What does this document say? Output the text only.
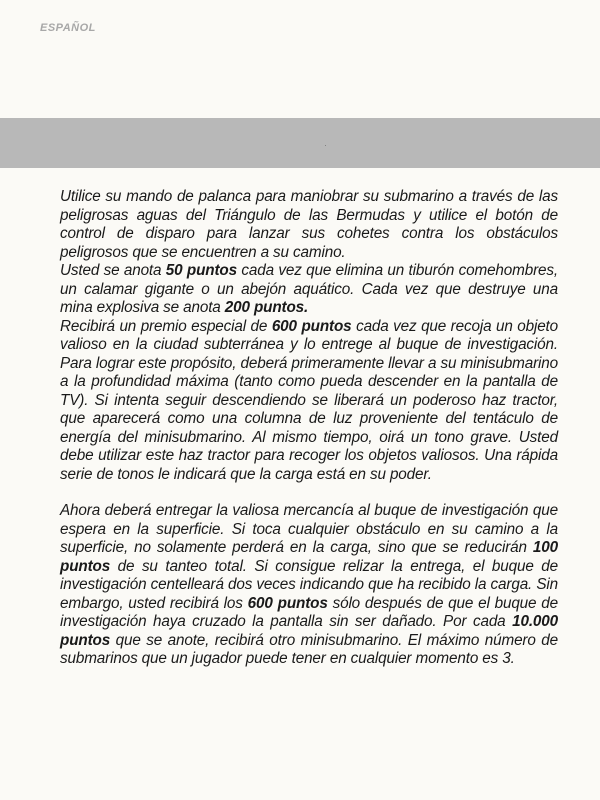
ESPAÑOL
·

Utilice su mando de palanca para maniobrar su submarino a través de las peligrosas aguas del Triángulo de las Bermudas y utilice el botón de control de disparo para lanzar sus cohetes contra los obstáculos peligrosos que se encuentren a su camino.

Usted se anota 50 puntos cada vez que elimina un tiburón comehombres, un calamar gigante o un abejón aquático. Cada vez que destruye una mina explosiva se anota 200 puntos.

Recibirá un premio especial de 600 puntos cada vez que recoja un objeto valioso en la ciudad subterránea y lo entrege al buque de investigación. Para lograr este propósito, deberá primeramente llevar a su minisubmarino a la profundidad máxima (tanto como pueda descender en la pantalla de TV). Si intenta seguir descendiendo se liberará un poderoso haz tractor, que aparecerá como una columna de luz proveniente del tentáculo de energía del minisubmarino. Al mismo tiempo, oirá un tono grave. Usted debe utilizar este haz tractor para recoger los objetos valiosos. Una rápida serie de tonos le indicará que la carga está en su poder.

Ahora deberá entregar la valiosa mercancía al buque de investigación que espera en la superficie. Si toca cualquier obstáculo en su camino a la superficie, no solamente perderá en la carga, sino que se reducirán 100 puntos de su tanteo total. Si consigue relizar la entrega, el buque de investigación centelleará dos veces indicando que ha recibido la carga. Sin embargo, usted recibirá los 600 puntos sólo después de que el buque de investigación haya cruzado la pantalla sin ser dañado. Por cada 10.000 puntos que se anote, recibirá otro minisubmarino. El máximo número de submarinos que un jugador puede tener en cualquier momento es 3.
